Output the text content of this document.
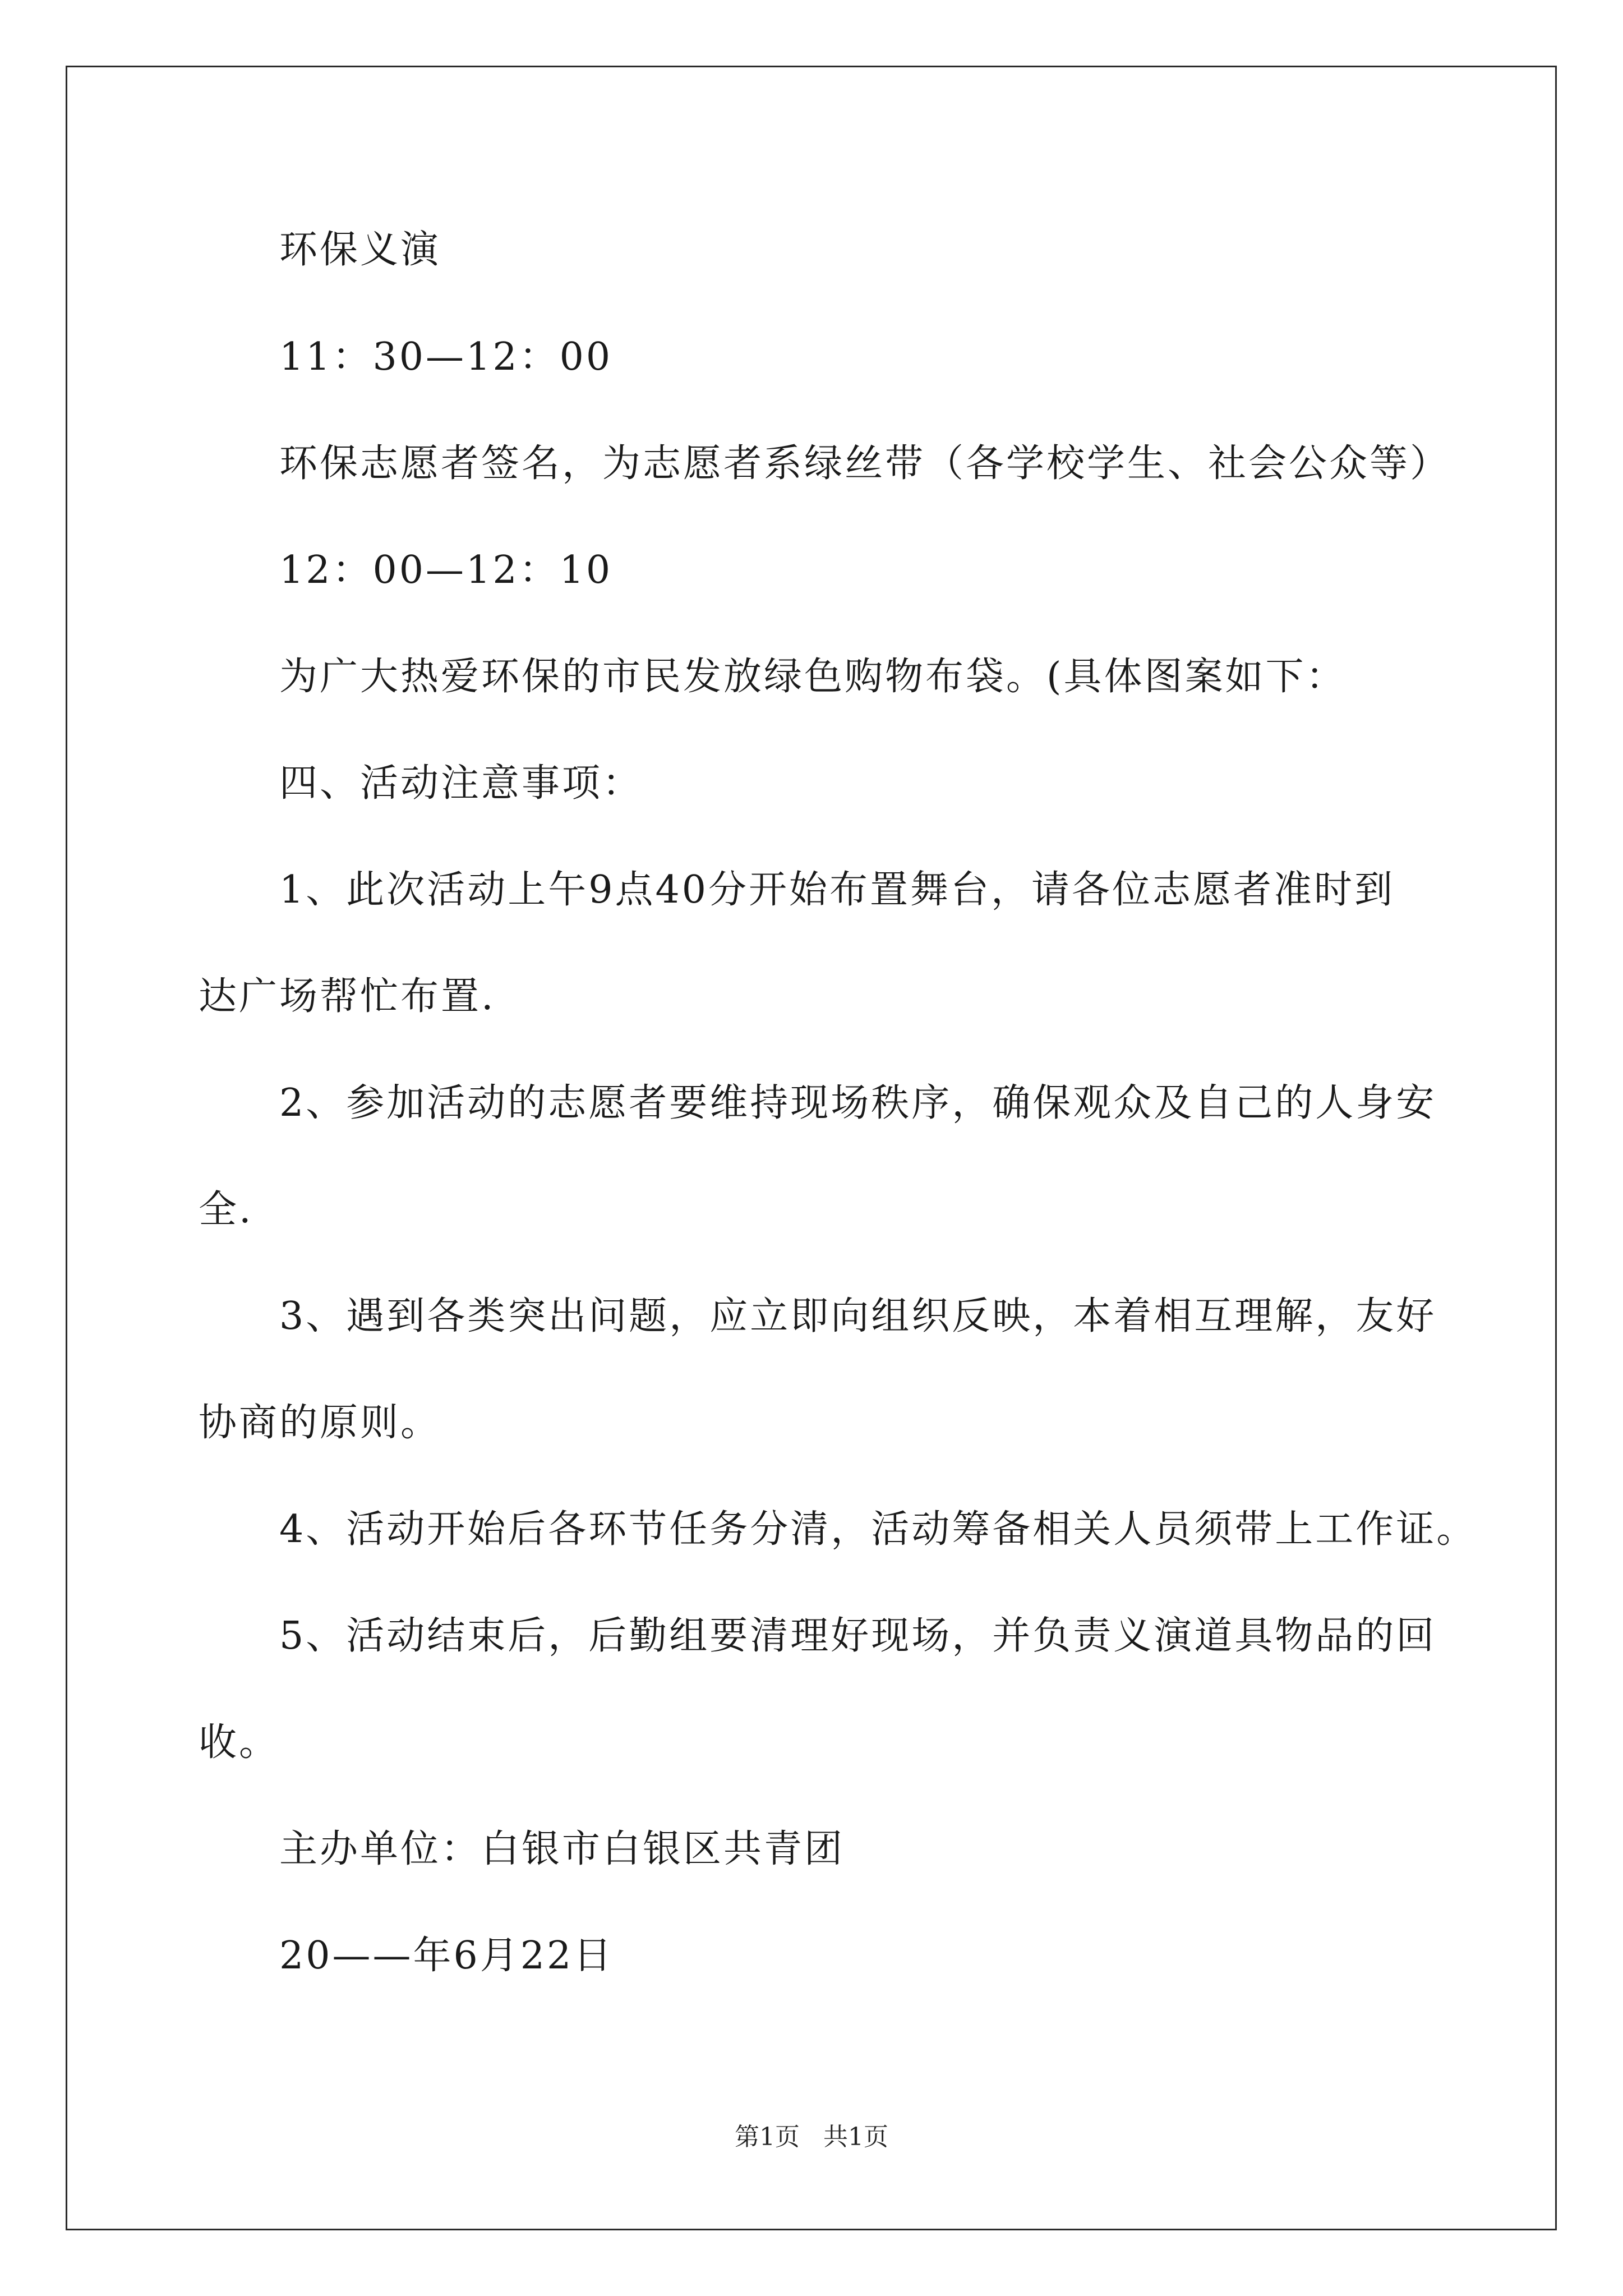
环保义演
11：30—12：00
环保志愿者签名，为志愿者系绿丝带（各学校学生、社会公众等）
12：00—12：10
为广大热爱环保的市民发放绿色购物布袋。(具体图案如下：
四、活动注意事项：
1、此次活动上午9点40分开始布置舞台，请各位志愿者准时到
达广场帮忙布置.
2、参加活动的志愿者要维持现场秩序，确保观众及自己的人身安
全.
3、遇到各类突出问题，应立即向组织反映，本着相互理解，友好
协商的原则。
4、活动开始后各环节任务分清，活动筹备相关人员须带上工作证。
5、活动结束后，后勤组要清理好现场，并负责义演道具物品的回
收。
主办单位：白银市白银区共青团
20——年6月22日
第1页   共1页
